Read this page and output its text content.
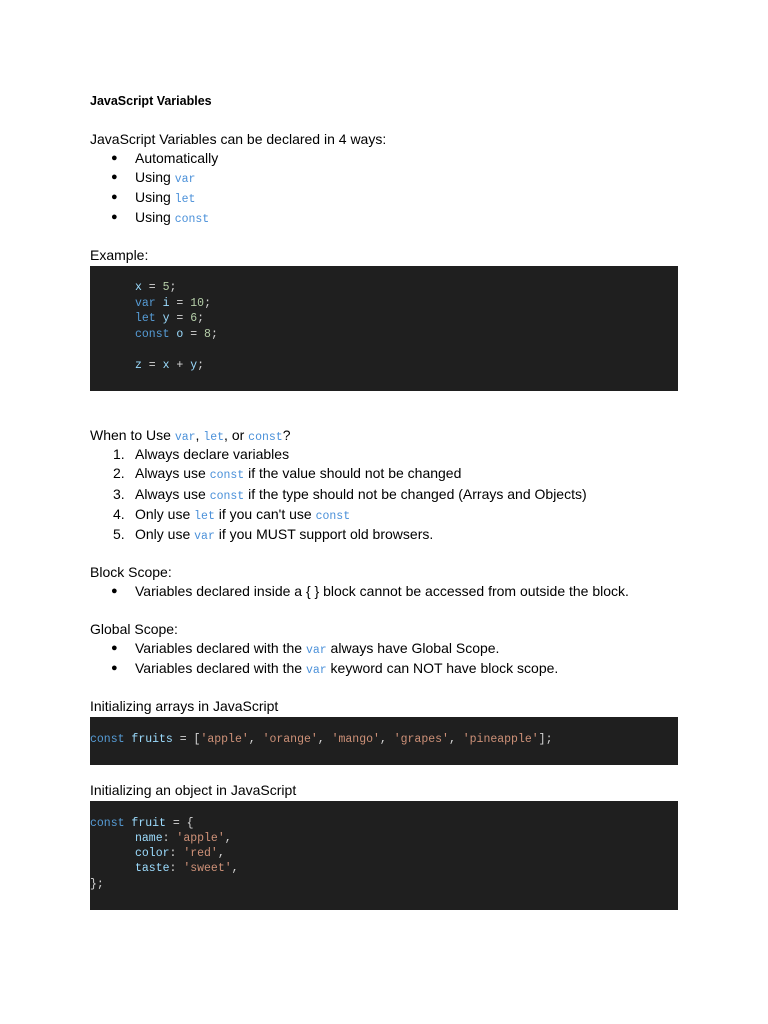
JavaScript Variables
JavaScript Variables can be declared in 4 ways:
● Automatically
● Using var
● Using let
● Using const
Example:
x = 5;
var i = 10;
let y = 6;
const o = 8;
z = x + y;
When to Use var, let, or const?
1. Always declare variables
2. Always use const if the value should not be changed
3. Always use const if the type should not be changed (Arrays and Objects)
4. Only use let if you can't use const
5. Only use var if you MUST support old browsers.
Block Scope:
● Variables declared inside a { } block cannot be accessed from outside the block.
Global Scope:
● Variables declared with the var always have Global Scope.
● Variables declared with the var keyword can NOT have block scope.
Initializing arrays in JavaScript
const fruits = ['apple', 'orange', 'mango', 'grapes', 'pineapple'];
Initializing an object in JavaScript
const fruit = {
name: 'apple',
color: 'red',
taste: 'sweet',
};
